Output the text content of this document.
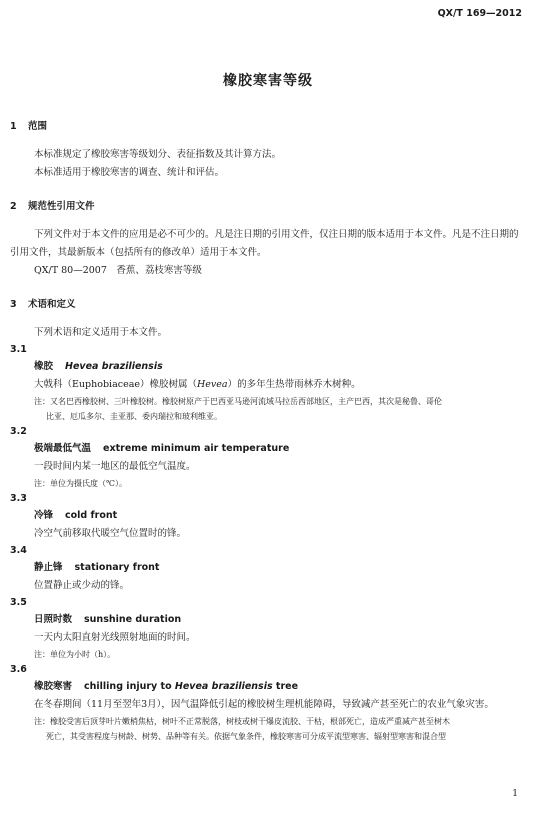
QX/T 169—2012
橡胶寒害等级
1 范围

本标准规定了橡胶寒害等级划分、表征指数及其计算方法。

本标准适用于橡胶寒害的调查、统计和评估。

2 规范性引用文件

下列文件对于本文件的应用是必不可少的。凡是注日期的引用文件，仅注日期的版本适用于本文件。凡是不注日期的引用文件，其最新版本（包括所有的修改单）适用于本文件。

QX/T 80—2007　香蕉、荔枝寒害等级

3 术语和定义

下列术语和定义适用于本文件。

3.1

橡胶 Hevea braziliensis

大戟科（Euphobiaceae）橡胶树属（Hevea）的多年生热带雨林乔木树种。

注：又名巴西橡胶树、三叶橡胶树。橡胶树原产于巴西亚马逊河流域马拉岳西部地区，主产巴西，其次是秘鲁、哥伦
比亚、厄瓜多尔、圭亚那、委内瑞拉和玻利维亚。

3.2

极端最低气温 extreme minimum air temperature

一段时间内某一地区的最低空气温度。

注：单位为摄氏度（℃）。

3.3

冷锋 cold front

冷空气前移取代暖空气位置时的锋。

3.4

静止锋 stationary front

位置静止或少动的锋。

3.5

日照时数 sunshine duration

一天内太阳直射光线照射地面的时间。

注：单位为小时（h）。

3.6

橡胶寒害 chilling injury to Hevea braziliensis tree

在冬春期间（11月至翌年3月），因气温降低引起的橡胶树生理机能障碍，导致减产甚至死亡的农业气象灾害。

注：橡胶受害后顶芽叶片嫩梢焦枯，树叶不正常脱落，树枝或树干爆皮流胶、干枯，根部死亡，造成严重减产甚至树木
死亡，其受害程度与树龄、树势、品种等有关。依据气象条件，橡胶寒害可分成平流型寒害、辐射型寒害和混合型

1
